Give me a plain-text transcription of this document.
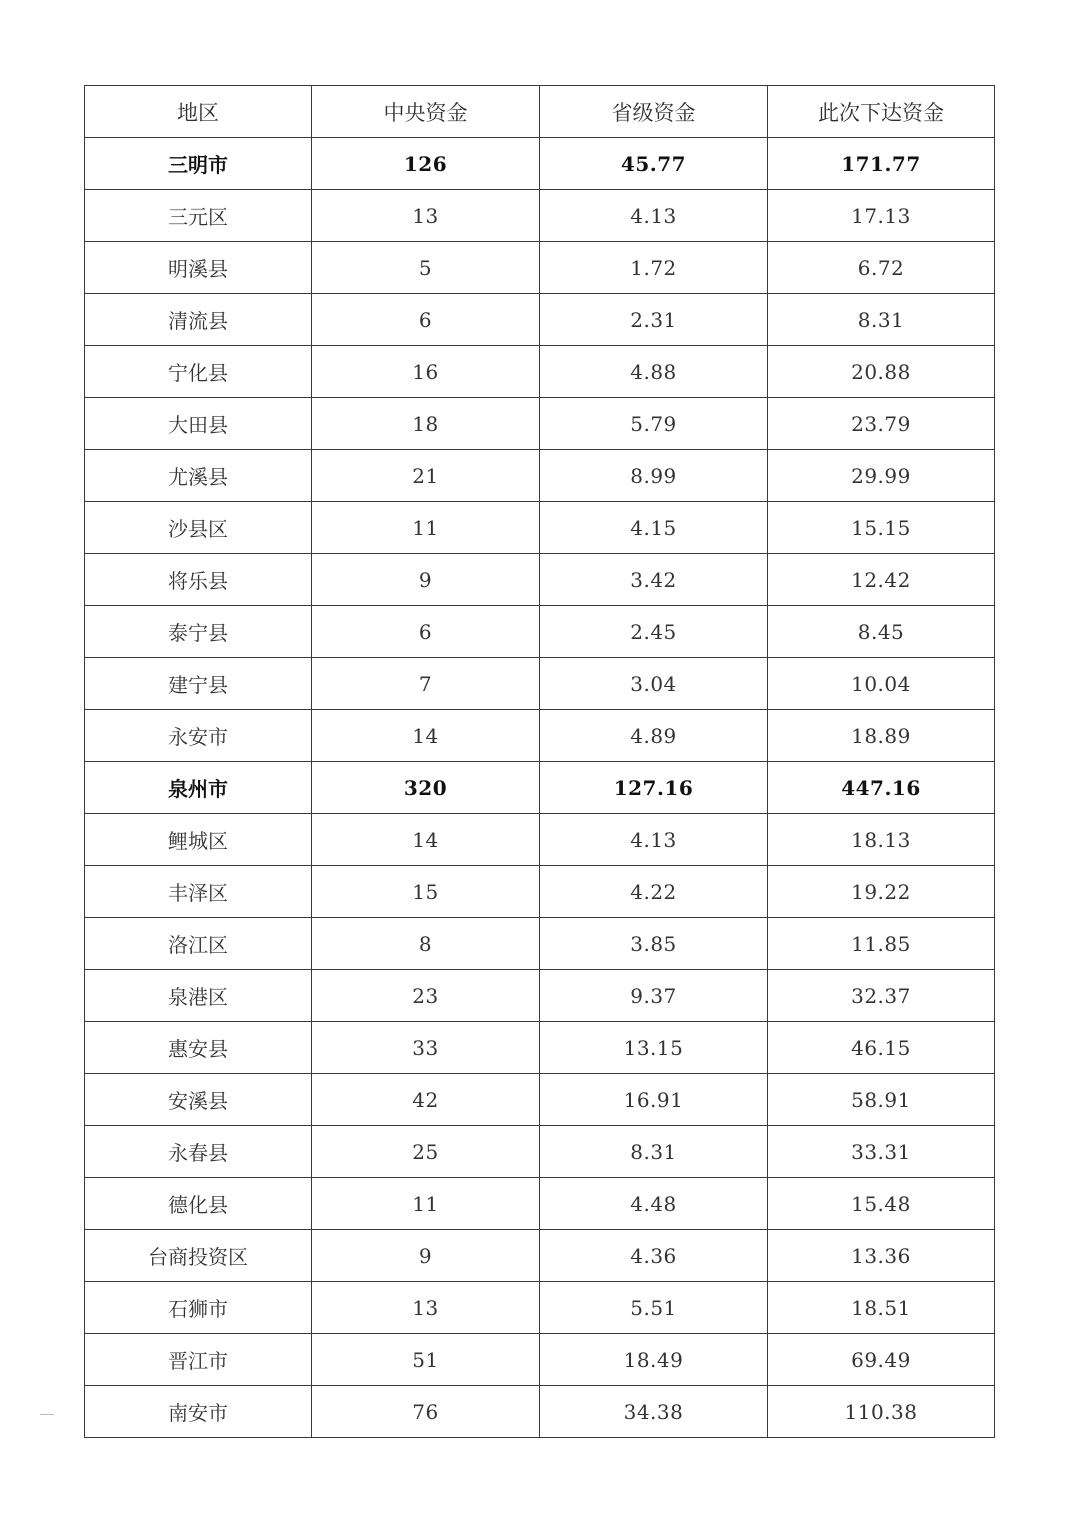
地区	中央资金	省级资金	此次下达资金
三明市	126	45.77	171.77
三元区	13	4.13	17.13
明溪县	5	1.72	6.72
清流县	6	2.31	8.31
宁化县	16	4.88	20.88
大田县	18	5.79	23.79
尤溪县	21	8.99	29.99
沙县区	11	4.15	15.15
将乐县	9	3.42	12.42
泰宁县	6	2.45	8.45
建宁县	7	3.04	10.04
永安市	14	4.89	18.89
泉州市	320	127.16	447.16
鲤城区	14	4.13	18.13
丰泽区	15	4.22	19.22
洛江区	8	3.85	11.85
泉港区	23	9.37	32.37
惠安县	33	13.15	46.15
安溪县	42	16.91	58.91
永春县	25	8.31	33.31
德化县	11	4.48	15.48
台商投资区	9	4.36	13.36
石狮市	13	5.51	18.51
晋江市	51	18.49	69.49
南安市	76	34.38	110.38
